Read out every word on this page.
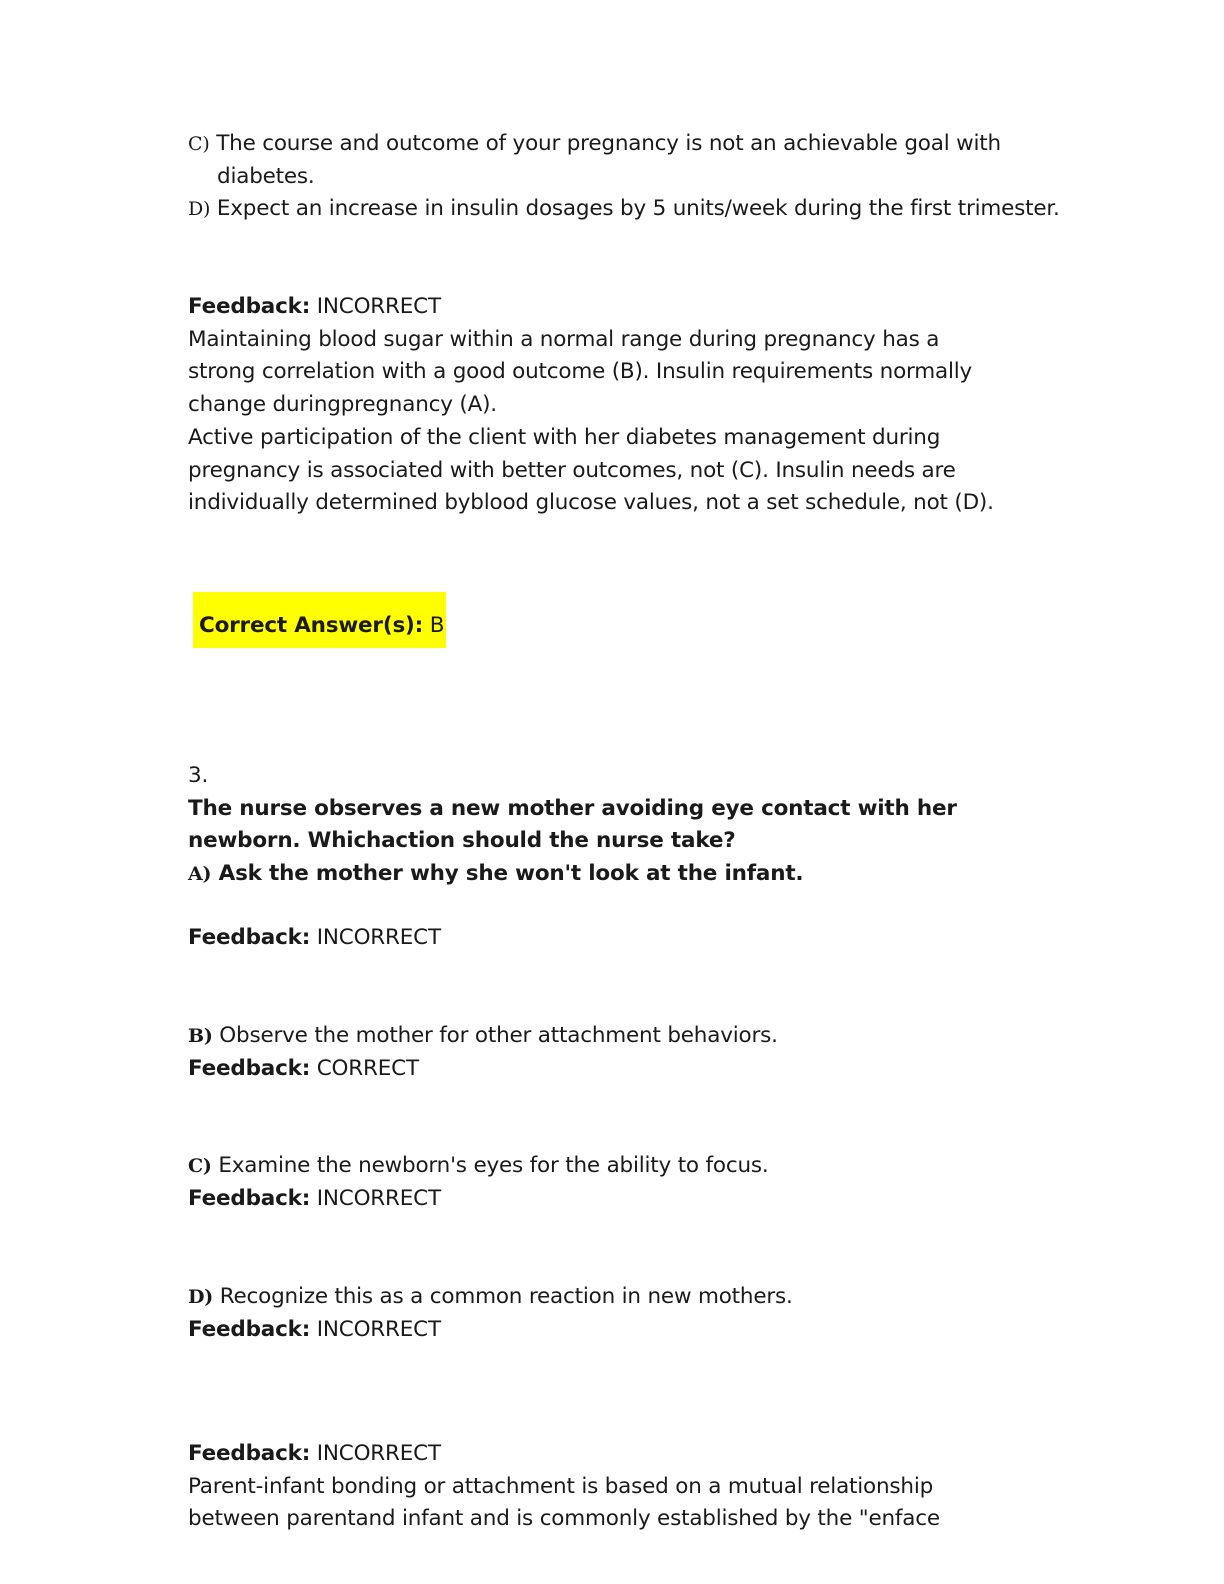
C) The course and outcome of your pregnancy is not an achievable goal with
diabetes.
D) Expect an increase in insulin dosages by 5 units/week during the first trimester.
Feedback: INCORRECT
Maintaining blood sugar within a normal range during pregnancy has a
strong correlation with a good outcome (B). Insulin requirements normally
change duringpregnancy (A).
Active participation of the client with her diabetes management during
pregnancy is associated with better outcomes, not (C). Insulin needs are
individually determined byblood glucose values, not a set schedule, not (D).
Correct Answer(s): B
3.
The nurse observes a new mother avoiding eye contact with her
newborn. Whichaction should the nurse take?
A) Ask the mother why she won't look at the infant.
Feedback: INCORRECT
B) Observe the mother for other attachment behaviors.
Feedback: CORRECT
C) Examine the newborn's eyes for the ability to focus.
Feedback: INCORRECT
D) Recognize this as a common reaction in new mothers.
Feedback: INCORRECT
Feedback: INCORRECT
Parent-infant bonding or attachment is based on a mutual relationship
between parentand infant and is commonly established by the "enface
